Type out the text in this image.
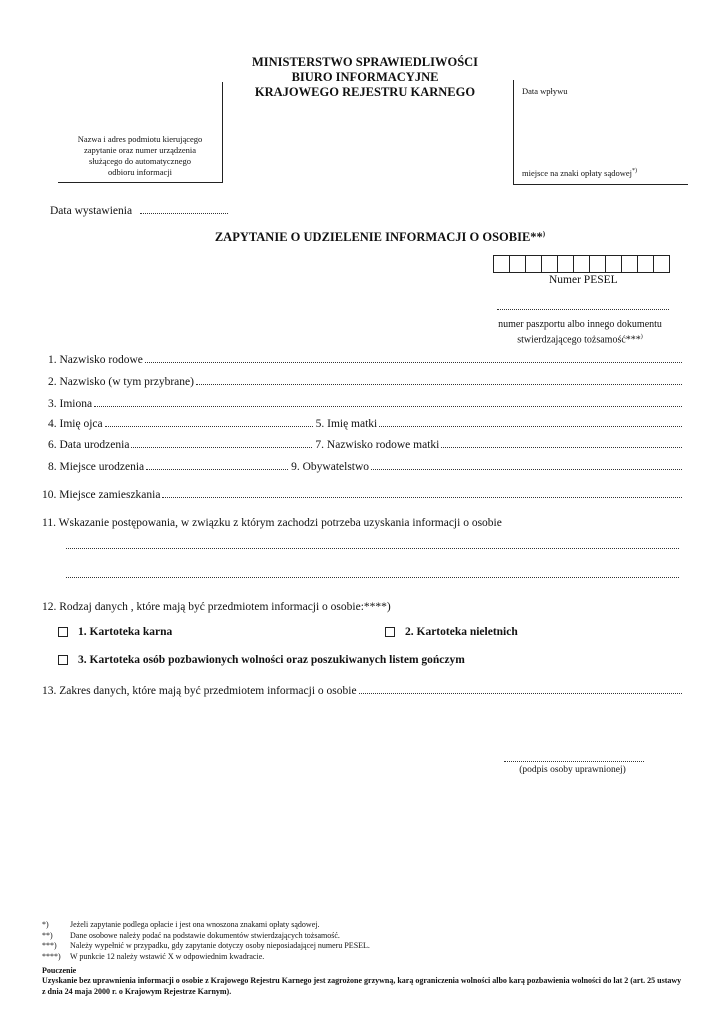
MINISTERSTWO SPRAWIEDLIWOŚCI
BIURO INFORMACYJNE
KRAJOWEGO REJESTRU KARNEGO
Nazwa i adres podmiotu kierującego
zapytanie oraz numer urządzenia
służącego do automatycznego
odbioru informacji
Data wpływu
miejsce na znaki opłaty sądowej*)
Data wystawienia
ZAPYTANIE O UDZIELENIE INFORMACJI O OSOBIE**)
Numer PESEL
numer paszportu albo innego dokumentu
stwierdzającego tożsamość***)
1. Nazwisko rodowe
2. Nazwisko (w tym przybrane)
3. Imiona
4. Imię ojca	5. Imię matki
6. Data urodzenia	7. Nazwisko rodowe matki
8. Miejsce urodzenia	9. Obywatelstwo
10. Miejsce zamieszkania
11. Wskazanie postępowania, w związku z którym zachodzi potrzeba uzyskania informacji o osobie
12. Rodzaj danych , które mają być przedmiotem informacji o osobie:****)
1. Kartoteka karna	2. Kartoteka nieletnich
3. Kartoteka osób pozbawionych wolności oraz poszukiwanych listem gończym
13. Zakres danych, które mają być przedmiotem informacji o osobie
(podpis osoby uprawnionej)
*)	Jeżeli zapytanie podlega opłacie i jest ona wnoszona znakami opłaty sądowej.
**)	Dane osobowe należy podać na podstawie dokumentów stwierdzających tożsamość.
***)	Należy wypełnić w przypadku, gdy zapytanie dotyczy osoby nieposiadającej numeru PESEL.
****)	W punkcie 12 należy wstawić X w odpowiednim kwadracie.
Pouczenie
Uzyskanie bez uprawnienia informacji o osobie z Krajowego Rejestru Karnego jest zagrożone grzywną, karą ograniczenia wolności albo karą pozbawienia wolności do lat 2 (art. 25 ustawy z dnia 24 maja 2000 r. o Krajowym Rejestrze Karnym).
